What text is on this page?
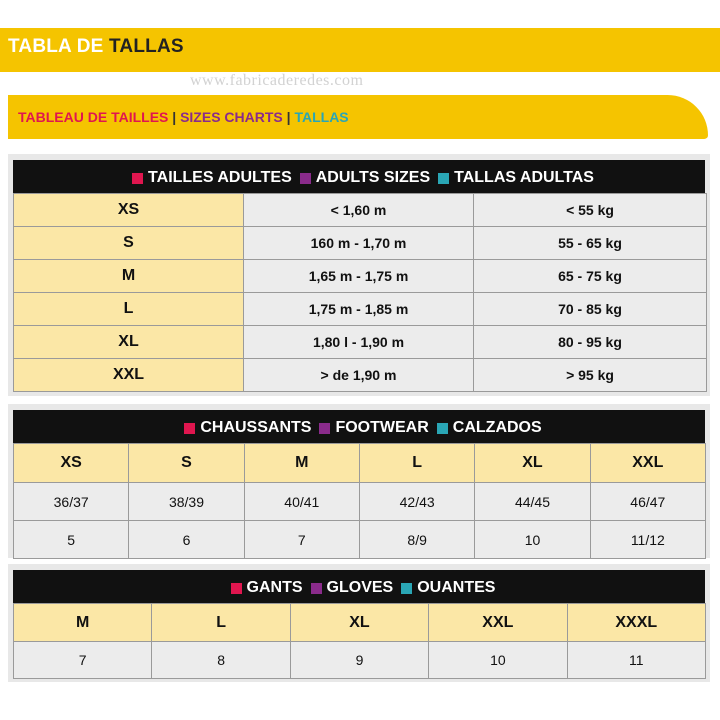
TABLA DE TALLAS
www.fabricaderedes.com
TABLEAU DE TAILLES | SIZES CHARTS | TALLAS
TAILLES ADULTES ADULTS SIZES TALLAS ADULTAS
XS	< 1,60 m	< 55 kg
S	160 m - 1,70 m	55 - 65 kg
M	1,65 m - 1,75 m	65 - 75 kg
L	1,75 m - 1,85 m	70 - 85 kg
XL	1,80 l - 1,90 m	80 - 95 kg
XXL	> de 1,90 m	> 95 kg
CHAUSSANTS FOOTWEAR CALZADOS
XS	S	M	L	XL	XXL
36/37	38/39	40/41	42/43	44/45	46/47
5	6	7	8/9	10	11/12
GANTS GLOVES OUANTES
M	L	XL	XXL	XXXL
7	8	9	10	11
